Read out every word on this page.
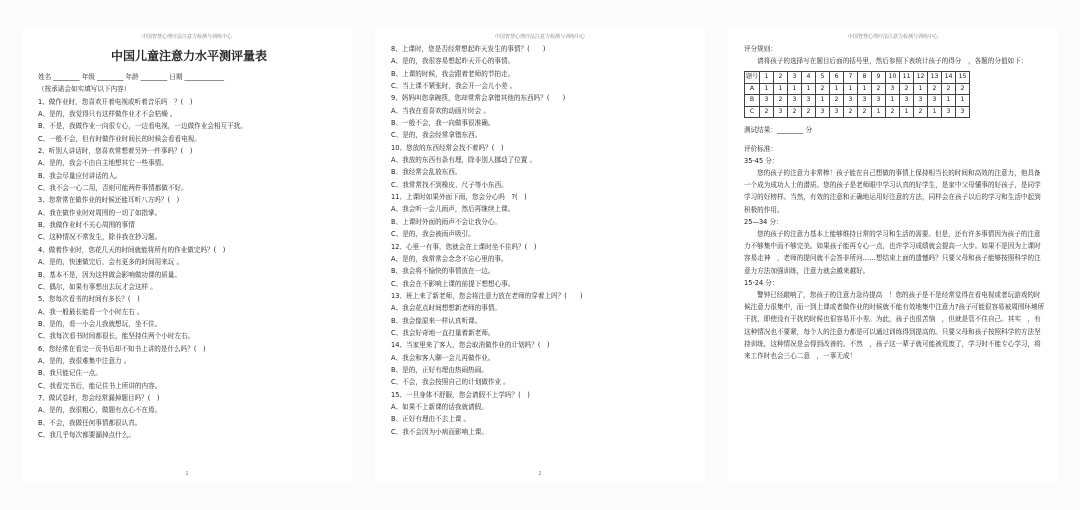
中国智慧心理疗法注意力检测与训练中心
中国儿童注意力水平测评量表

姓名 ________ 年级 ________ 年龄 ________ 日期 ____________

（按承诺会如实填写以下内容）

1、做作业时，您喜欢开着电视或听着音乐吗　？(　)

A、是的，我觉得只有这样做作业才不会枯燥 。

B、不是，我做作业一向很专心，一边看电视，一边做作业会相互干扰。

C、一般不会，但有时做作业时间长的时候会看看电视。

2、听别人讲话时，您喜欢常想着另外一件事吗？(　)

A、是的，我会不由自主地想其它一些事情。

B、我会尽量应付讲话的人。

C、我不会一心二用，否则可能两件事情都做不好。

3、您常常在做作业的时候还能耳听八方吗？(　)

A、我在做作业时对周围的一切了如指掌。

B、我做作业时不关心周围的事情

C、这种情况不常发生，除非我在抄习题。

4、做着作业时，您花几天的时间就能将所有的作业做完吗？(　)

A、是的，快速做完后，会有更多的时间用来玩 。

B、基本不是，因为这样做会影响做功课的质量。

C、偶尔，如果有事想出去玩才会这样 。

5、您每次看书的时间有多长？(　)

A、我一般最长能看一个小时左右 。

B、是的，看一小会儿我就想玩，坐不住。

C、我每次看书时间都很长，能坚持住两个小时左右。

6、您经常在看完一页书后却不知书上讲的是什么吗？(　)

A、是的，我很难集中注意力 。

B、我只能记住一点。

C、我看完书后，能记住书上所讲的内容。

7、做试卷时，您会经常漏掉题目吗？(　)

A、是的，我很粗心，做题有点心不在焉。

B、不会，我做任何事情都很认真。

C、我几乎每次都要漏掉点什么。

1
中国智慧心理疗法注意力检测与训练中心

8、上课时，您是否经常想起昨天发生的事情？(　　)

A、是的，我很容易想起昨天开心的事情。

B、上课的时候，我会跟着老师的节拍走。

C、当上课不紧张时，我会开一会儿小差 。

9、妈妈叫您拿碗筷，您却常常会拿错其他的东西吗？(　　)

A、当我在看喜欢的动画片时会 。

B、一般不会，我一向做事很准确。

C、是的，我会经常拿错东西。

10、您放的东西经常会找不着吗？(　)

A、我放的东西有条有理，除非别人挪动了位置 。

B、我经常会乱放东西。

C、我常常找不到橡皮、尺子等小东西。

11、上课时如果外面下雨，您会分心吗　?(　)

A、我会听一会儿雨声，然后再继续上课。

B、上课时外面的雨声不会让我分心。

C、是的，我会被雨声吸引。

12、心里一有事，您就会在上课时坐不住吗？(　)

A、是的，我常常会念念不忘心里的事。

B、我会将不愉快的事情放在一边。

C、我会在不影响上课的前提下想想心事。

13、班上来了新老师，您会将注意力放在老师的穿着上吗？(　　)

A、我会花点时间想想新老师的事情。

B、我会像原来一样认真听课。

C、我会好奇地一直打量着新老师。

14、当家里来了客人，您会取消做作业的计划吗？(　)

A、我会和客人聊一会儿再做作业。

B、是的，正好有理由热闹热闹。

C、不会，我会按照自己的计划做作业 。

15、一旦身体不舒服，您会请假不上学吗？(　)

A、如果不上新课的话我就请假。

B、正好有理由不去上课 。

C、我不会因为小病而影响上课。

2
中国智慧心理疗法注意力检测与训练中心

评分规则：

请将孩子的选择写在题目后面的括号里，然后参照下表统计孩子的得分　，各题的分值如下：

题号	1	2	3	4	5	6	7	8	9	10	11	12	13	14	15
A	1	1	1	1	2	1	1	1	2	3	2	1	2	2	2
B	3	2	3	3	1	2	3	3	3	1	3	3	3	1	1
C	2	3	2	2	3	3	2	2	1	2	1	2	1	3	3

测试结果：________ 分

评价标准：

35-45 分：

您的孩子的注意力非常棒！孩子能在自己想做的事情上保持相当长的时间和高效的注意力，他具备一个成为成功人士的潜质。您的孩子是老师眼中学习认真的好学生，是家中父母懂事的好孩子，是同学学习的好榜样。当然，有效的注意和正确地运用好注意的方法，同样会在孩子以后的学习和生活中起到积极的作用。

25—34 分：

您的孩子的注意力基本上能够维持日常的学习和生活的需要。但是，还有许多事情因为孩子的注意力不够集中而不够完美。如果孩子能再专心一点，也许学习成绩就会提高一大步。如果不是因为上课时容易走神　，老师的提问就不会答非所问……想结束上面的遗憾吗？只要父母和孩子能够按照科学的注意力方法加强训练，注意力就会越来越好。

15-24 分：

警钟已经敲响了，您孩子的注意力急待提高　！您的孩子是不是经常觉得在看电视或者玩游戏的时候注意力很集中，而一到上课或者做作业的时候就不能有效地集中注意力?孩子可能很容易被周围环境所干扰，即使没有干扰的时候也很容易开小差。为此，孩子也很苦恼　，但就是管不住自己。其实　，有这种情况也不要紧，每个人的注意力都是可以通过训练得到提高的。只要父母和孩子按照科学的方法坚持训练，这种情况是会得到改善的。不然　，孩子这一辈子就可能被荒废了，学习时不能专心学习，将来工作时也会三心二意　，一事无成！
